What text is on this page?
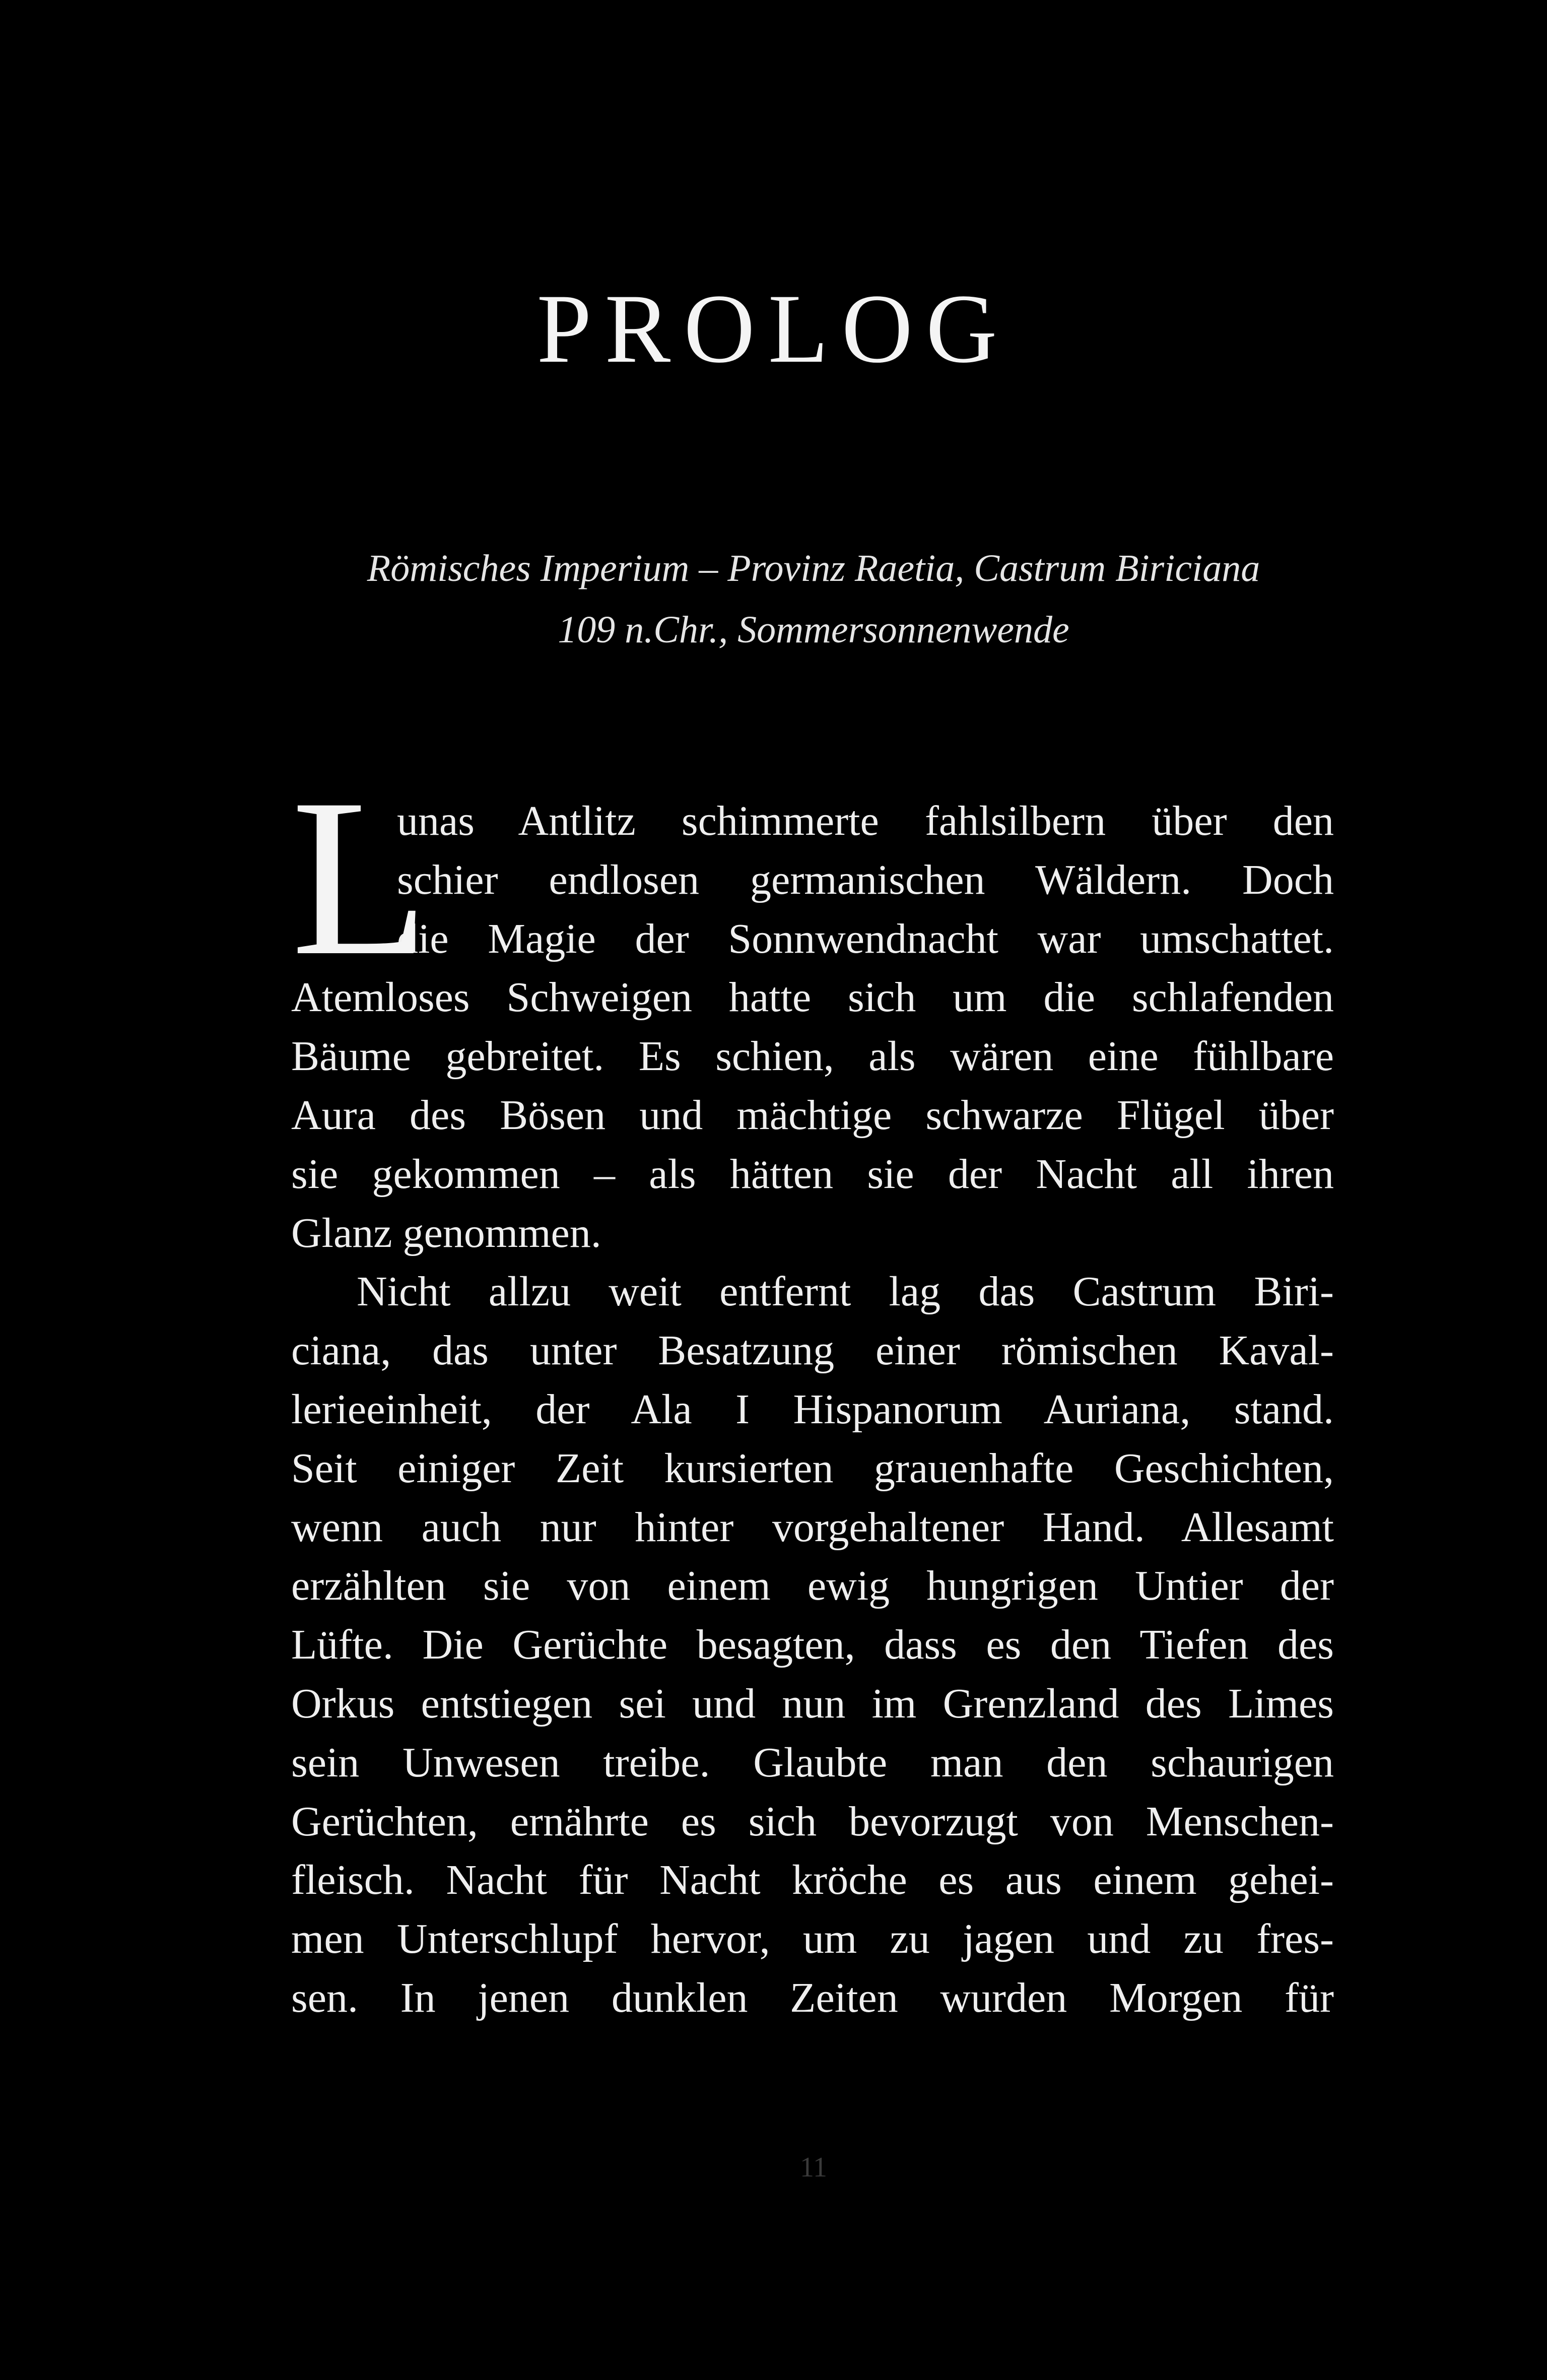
PROLOG

Römisches Imperium – Provinz Raetia, Castrum Biriciana

109 n.Chr., Sommersonnenwende

L
unas Antlitz schimmerte fahlsilbern über den
schier endlosen germanischen Wäldern. Doch
die Magie der Sonnwendnacht war umschattet.
Atemloses Schweigen hatte sich um die schlafenden
Bäume gebreitet. Es schien, als wären eine fühlbare
Aura des Bösen und mächtige schwarze Flügel über
sie gekommen – als hätten sie der Nacht all ihren
Glanz genommen.
Nicht allzu weit entfernt lag das Castrum Biri-
ciana, das unter Besatzung einer römischen Kaval-
lerieeinheit, der Ala I Hispanorum Auriana, stand.
Seit einiger Zeit kursierten grauenhafte Geschichten,
wenn auch nur hinter vorgehaltener Hand. Allesamt
erzählten sie von einem ewig hungrigen Untier der
Lüfte. Die Gerüchte besagten, dass es den Tiefen des
Orkus entstiegen sei und nun im Grenzland des Limes
sein Unwesen treibe. Glaubte man den schaurigen
Gerüchten, ernährte es sich bevorzugt von Menschen-
fleisch. Nacht für Nacht kröche es aus einem gehei-
men Unterschlupf hervor, um zu jagen und zu fres-
sen. In jenen dunklen Zeiten wurden Morgen für
11
